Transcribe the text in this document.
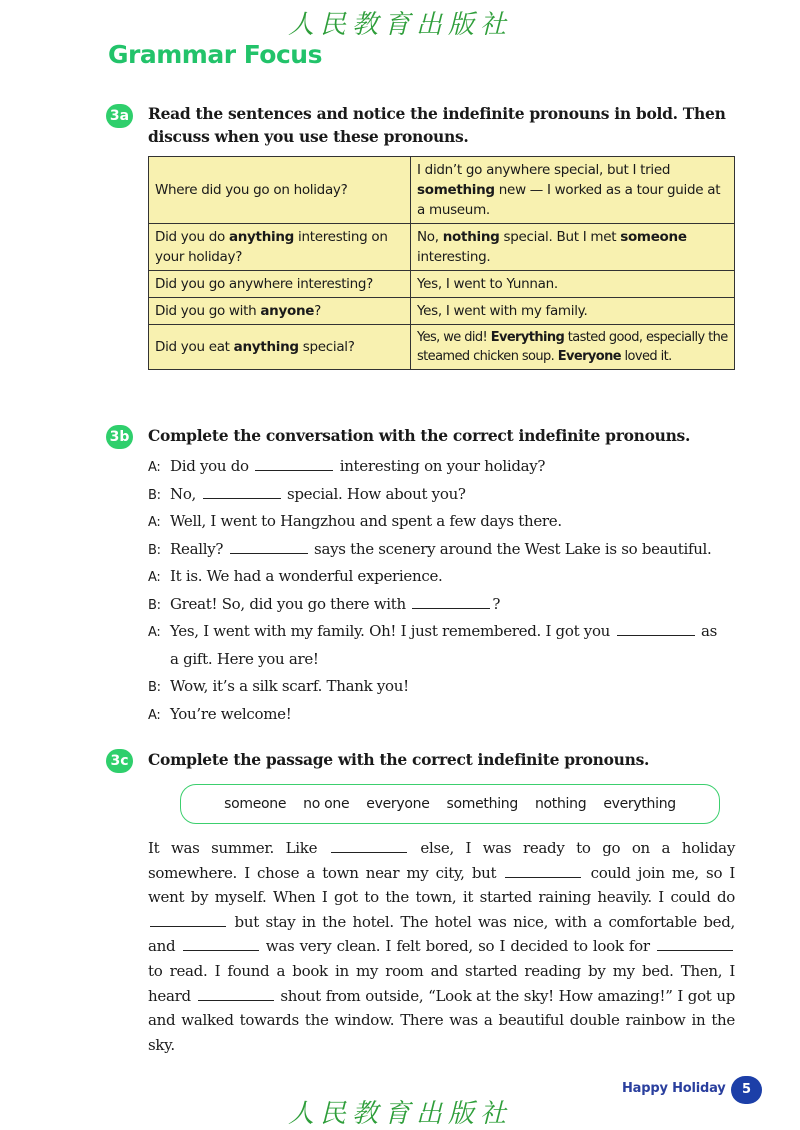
人民教育出版社
Grammar Focus
3a Read the sentences and notice the indefinite pronouns in bold. Then discuss when you use these pronouns.
Where did you go on holiday?	I didn’t go anywhere special, but I tried something new — I worked as a tour guide at a museum.
Did you do anything interesting on your holiday?	No, nothing special. But I met someone interesting.
Did you go anywhere interesting?	Yes, I went to Yunnan.
Did you go with anyone?	Yes, I went with my family.
Did you eat anything special?	Yes, we did! Everything tasted good, especially the steamed chicken soup. Everyone loved it.
3b Complete the conversation with the correct indefinite pronouns.
A: Did you do	interesting on your holiday?
B: No,	special. How about you?
A: Well, I went to Hangzhou and spent a few days there.
B: Really?	says the scenery around the West Lake is so beautiful.
A: It is. We had a wonderful experience.
B: Great! So, did you go there with	?
A: Yes, I went with my family. Oh! I just remembered. I got you	as
a gift. Here you are!
B: Wow, it’s a silk scarf. Thank you!
A: You’re welcome!
3c Complete the passage with the correct indefinite pronouns.
someone no one everyone something nothing everything
It was summer. Like	else, I was ready to go on a holiday somewhere. I chose a town near my city, but	could join me, so I went by myself. When I got to the town, it started raining heavily. I could do  but stay in the hotel. The hotel was nice, with a comfortable bed, and	was very clean. I felt bored, so I decided to look for  to read. I found a book in my room and started reading by my bed. Then, I heard	shout from outside, “Look at the sky! How amazing!” I got up and walked towards the window. There was a beautiful double rainbow in the sky.
Happy Holiday	5
人民教育出版社
